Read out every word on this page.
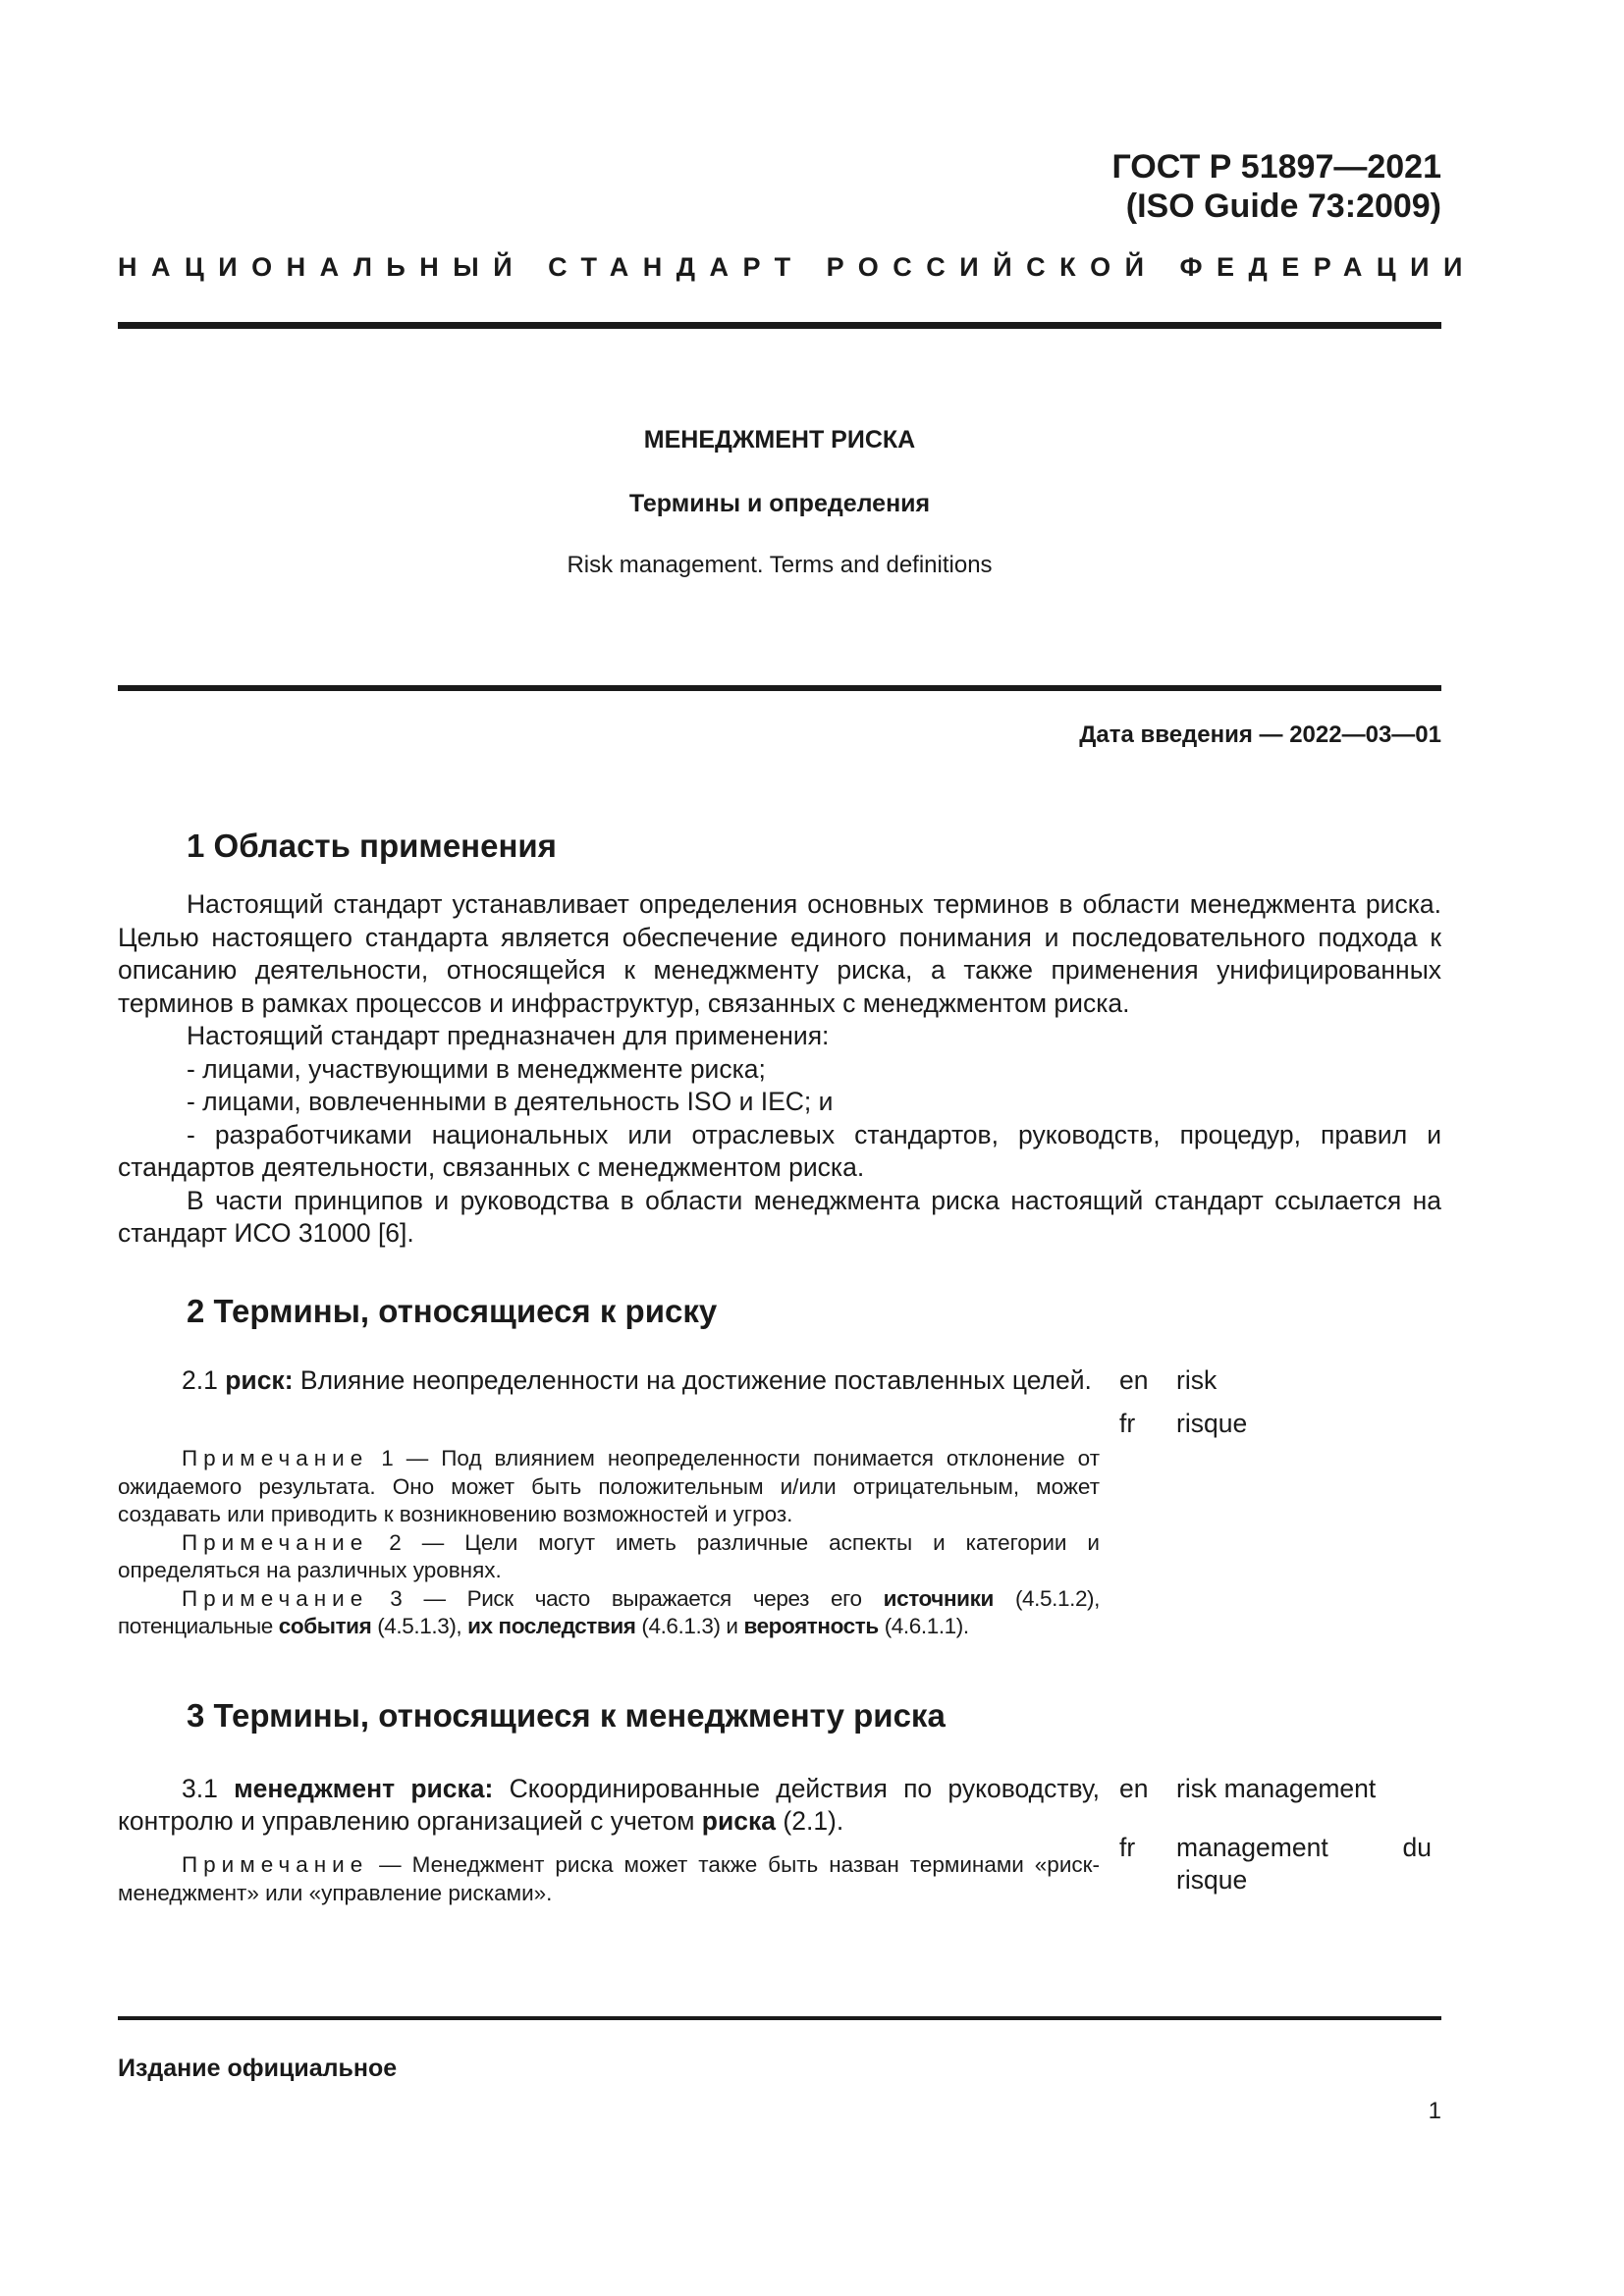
ГОСТ Р 51897—2021
(ISO Guide 73:2009)
НАЦИОНАЛЬНЫЙ СТАНДАРТ РОССИЙСКОЙ ФЕДЕРАЦИИ
МЕНЕДЖМЕНТ РИСКА
Термины и определения
Risk management. Terms and definitions
Дата введения — 2022—03—01
1 Область применения

Настоящий стандарт устанавливает определения основных терминов в области менеджмента риска. Целью настоящего стандарта является обеспечение единого понимания и последовательного подхода к описанию деятельности, относящейся к менеджменту риска, а также применения унифицированных терминов в рамках процессов и инфраструктур, связанных с менеджментом риска.

Настоящий стандарт предназначен для применения:

- лицами, участвующими в менеджменте риска;

- лицами, вовлеченными в деятельность ISO и IEC; и

- разработчиками национальных или отраслевых стандартов, руководств, процедур, правил и стандартов деятельности, связанных с менеджментом риска.

В части принципов и руководства в области менеджмента риска настоящий стандарт ссылается на стандарт ИСО 31000 [6].

2 Термины, относящиеся к риску

2.1 риск: Влияние неопределенности на достижение поставленных целей.

Примечание 1 — Под влиянием неопределенности понимается отклонение от ожидаемого результата. Оно может быть положительным и/или отрицательным, может создавать или приводить к возникновению возможностей и угроз.

Примечание 2 — Цели могут иметь различные аспекты и категории и определяться на различных уровнях.

Примечание 3 — Риск часто выражается через его источники (4.5.1.2), потенциальные события (4.5.1.3), их последствия (4.6.1.3) и вероятность (4.6.1.1).

en risk
fr risque
3 Термины, относящиеся к менеджменту риска

3.1 менеджмент риска: Скоординированные действия по руководству, контролю и управлению организацией с учетом риска (2.1).

Примечание — Менеджмент риска может также быть назван терминами «риск-менеджмент» или «управление рисками».

en risk management
fr management du risque
Издание официальное
1
